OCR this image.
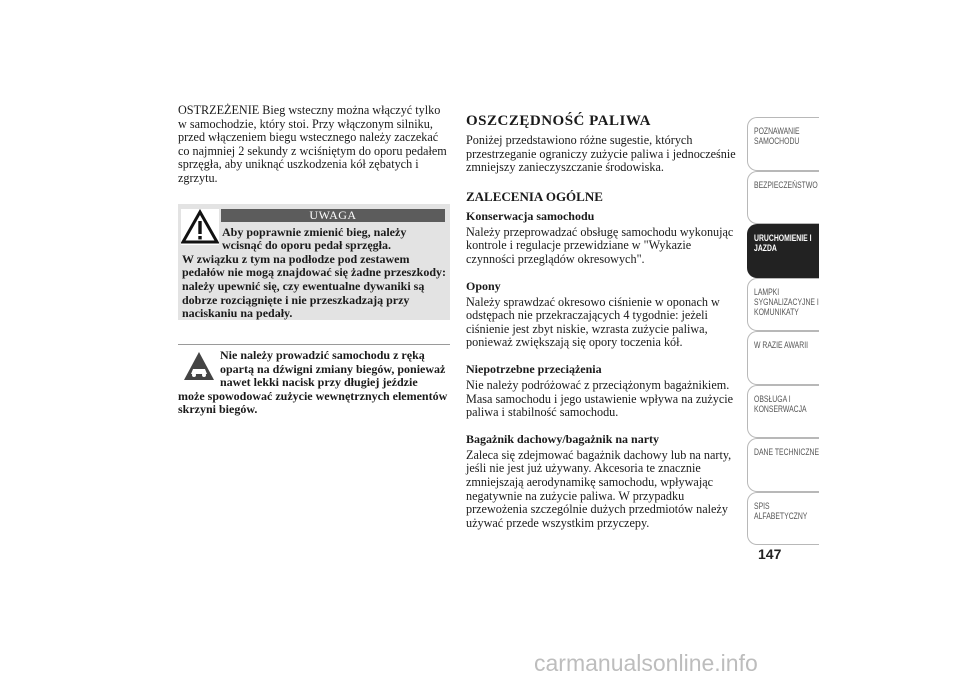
OSTRZEŻENIE Bieg wsteczny można włączyć tylko w samochodzie, który stoi. Przy włączonym silniku, przed włączeniem biegu wstecznego należy zaczekać co najmniej 2 sekundy z wciśniętym do oporu pedałem sprzęgła, aby uniknąć uszkodzenia kół zębatych i zgrzytu.

UWAGA

Aby poprawnie zmienić bieg, należy wcisnąć do oporu pedał sprzęgła.
W związku z tym na podłodze pod zestawem pedałów nie mogą znajdować się żadne przeszkody: należy upewnić się, czy ewentualne dywaniki są dobrze rozciągnięte i nie przeszkadzają przy naciskaniu na pedały.

Nie należy prowadzić samochodu z ręką opartą na dźwigni zmiany biegów, ponieważ nawet lekki nacisk przy długiej jeździe
może spowodować zużycie wewnętrznych elementów skrzyni biegów.

OSZCZĘDNOŚĆ PALIWA

Poniżej przedstawiono różne sugestie, których przestrzeganie ograniczy zużycie paliwa i jednocześnie zmniejszy zanieczyszczanie środowiska.

ZALECENIA OGÓLNE
Konserwacja samochodu

Należy przeprowadzać obsługę samochodu wykonując kontrole i regulacje przewidziane w "Wykazie czynności przeglądów okresowych".

Opony

Należy sprawdzać okresowo ciśnienie w oponach w odstępach nie przekraczających 4 tygodnie: jeżeli ciśnienie jest zbyt niskie, wzrasta zużycie paliwa, ponieważ zwiększają się opory toczenia kół.

Niepotrzebne przeciążenia

Nie należy podróżować z przeciążonym bagażnikiem. Masa samochodu i jego ustawienie wpływa na zużycie paliwa i stabilność samochodu.

Bagażnik dachowy/bagażnik na narty

Zaleca się zdejmować bagażnik dachowy lub na narty, jeśli nie jest już używany. Akcesoria te znacznie zmniejszają aerodynamikę samochodu, wpływając negatywnie na zużycie paliwa. W przypadku przewożenia szczególnie dużych przedmiotów należy używać przede wszystkim przyczepy.

POZNAWANIE SAMOCHODU
BEZPIECZEŃSTWO
URUCHOMIENIE I JAZDA
LAMPKI SYGNALIZACYJNE I KOMUNIKATY
W RAZIE AWARII
OBSŁUGA I KONSERWACJA
DANE TECHNICZNE
SPIS ALFABETYCZNY
147
carmanualsonline.info
